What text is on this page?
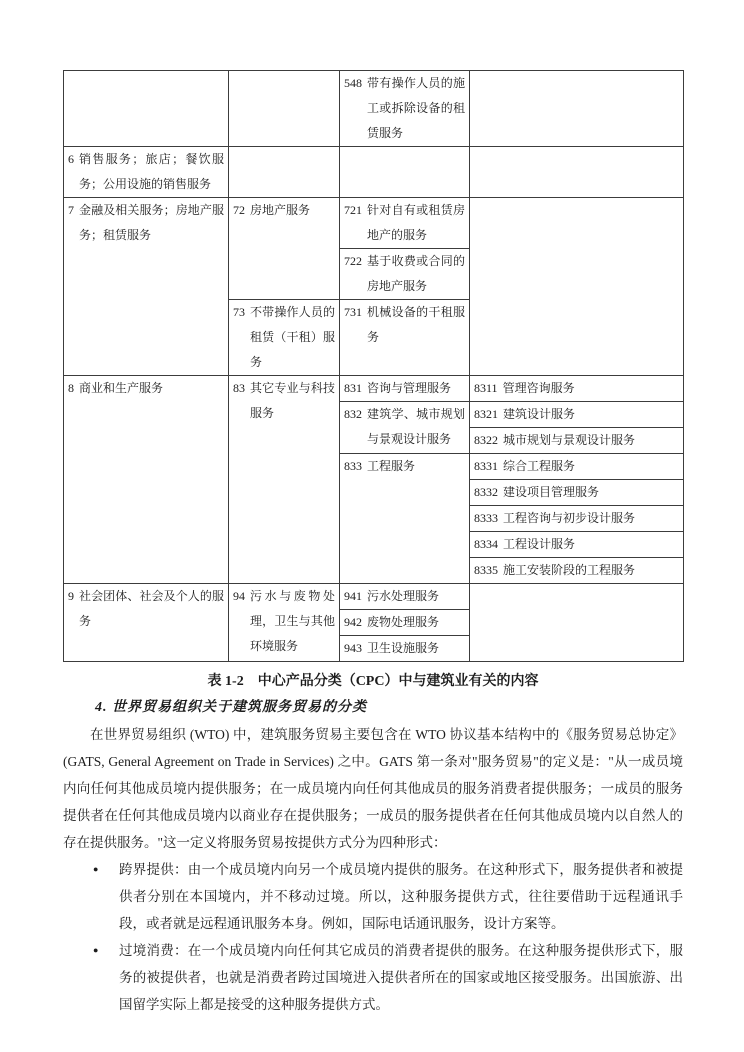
		548 带有操作人员的施工或拆除设备的租赁服务	

6 销售服务；旅店；餐饮服务；公用设施的销售服务			

7 金融及相关服务；房地产服务；租赁服务	72 房地产服务	721 针对自有或租赁房地产的服务	

		722 基于收费或合同的房地产服务	

	73 不带操作人员的租赁（干租）服务	731 机械设备的干租服务	

8 商业和生产服务	83 其它专业与科技服务	831 咨询与管理服务	8311 管理咨询服务

		832 建筑学、城市规划与景观设计服务	8321 建筑设计服务

			8322 城市规划与景观设计服务

		833 工程服务	8331 综合工程服务

			8332 建设项目管理服务

			8333 工程咨询与初步设计服务

			8334 工程设计服务

			8335 施工安装阶段的工程服务

9 社会团体、社会及个人的服务	94 污水与废物处理，卫生与其他环境服务	941 污水处理服务	

		942 废物处理服务	

		943 卫生设施服务	
表 1-2　中心产品分类（CPC）中与建筑业有关的内容
4. 世界贸易组织关于建筑服务贸易的分类

在世界贸易组织 (WTO) 中，建筑服务贸易主要包含在 WTO 协议基本结构中的《服务贸易总协定》(GATS, General Agreement on Trade in Services) 之中。GATS 第一条对"服务贸易"的定义是："从一成员境内向任何其他成员境内提供服务；在一成员境内向任何其他成员的服务消费者提供服务；一成员的服务提供者在任何其他成员境内以商业存在提供服务；一成员的服务提供者在任何其他成员境内以自然人的存在提供服务。"这一定义将服务贸易按提供方式分为四种形式：

●	跨界提供：由一个成员境内向另一个成员境内提供的服务。在这种形式下，服务提供者和被提供者分别在本国境内，并不移动过境。所以，这种服务提供方式，往往要借助于远程通讯手段，或者就是远程通讯服务本身。例如，国际电话通讯服务，设计方案等。
●	过境消费：在一个成员境内向任何其它成员的消费者提供的服务。在这种服务提供形式下，服务的被提供者，也就是消费者跨过国境进入提供者所在的国家或地区接受服务。出国旅游、出国留学实际上都是接受的这种服务提供方式。
